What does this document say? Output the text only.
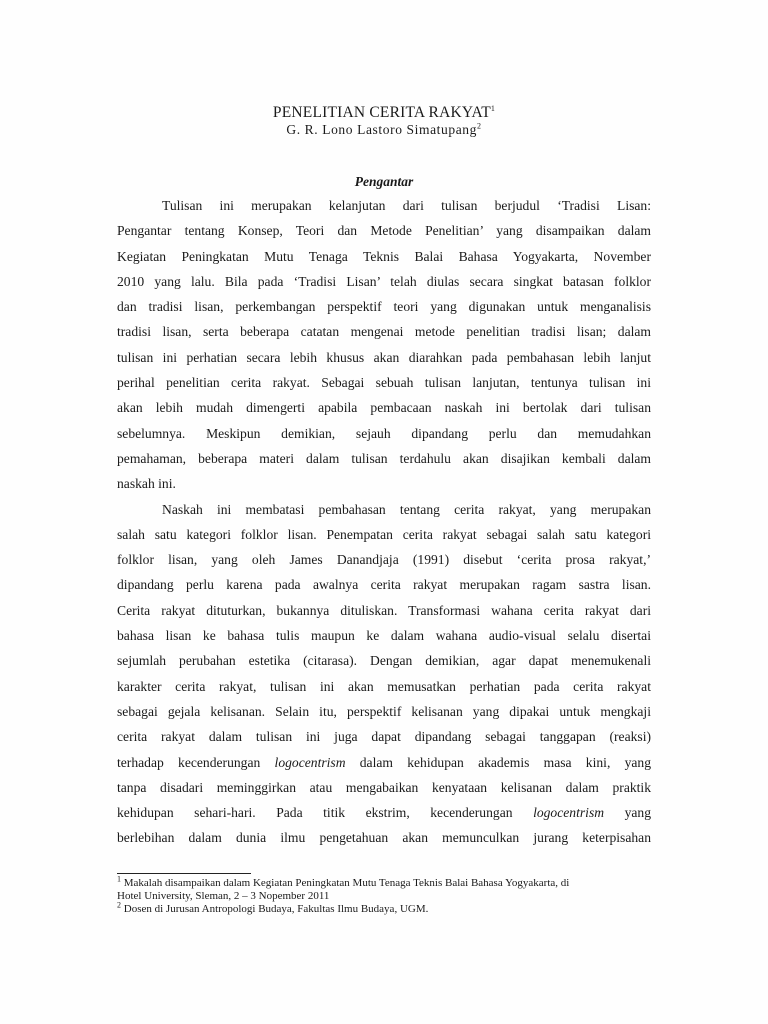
PENELITIAN CERITA RAKYAT$^1$
G. R. Lono Lastoro Simatupang$^2$
Pengantar
Tulisan ini merupakan kelanjutan dari tulisan berjudul ‘Tradisi Lisan:
Pengantar tentang Konsep, Teori dan Metode Penelitian’ yang disampaikan dalam
Kegiatan Peningkatan Mutu Tenaga Teknis Balai Bahasa Yogyakarta, November
2010 yang lalu. Bila pada ‘Tradisi Lisan’ telah diulas secara singkat batasan folklor
dan tradisi lisan, perkembangan perspektif teori yang digunakan untuk menganalisis
tradisi lisan, serta beberapa catatan mengenai metode penelitian tradisi lisan; dalam
tulisan ini perhatian secara lebih khusus akan diarahkan pada pembahasan lebih lanjut
perihal penelitian cerita rakyat. Sebagai sebuah tulisan lanjutan, tentunya tulisan ini
akan lebih mudah dimengerti apabila pembacaan naskah ini bertolak dari tulisan
sebelumnya. Meskipun demikian, sejauh dipandang perlu dan memudahkan
pemahaman, beberapa materi dalam tulisan terdahulu akan disajikan kembali dalam
naskah ini.
Naskah ini membatasi pembahasan tentang cerita rakyat, yang merupakan
salah satu kategori folklor lisan. Penempatan cerita rakyat sebagai salah satu kategori
folklor lisan, yang oleh James Danandjaja (1991) disebut ‘cerita prosa rakyat,’
dipandang perlu karena pada awalnya cerita rakyat merupakan ragam sastra lisan.
Cerita rakyat dituturkan, bukannya dituliskan. Transformasi wahana cerita rakyat dari
bahasa lisan ke bahasa tulis maupun ke dalam wahana audio-visual selalu disertai
sejumlah perubahan estetika (citarasa). Dengan demikian, agar dapat menemukenali
karakter cerita rakyat, tulisan ini akan memusatkan perhatian pada cerita rakyat
sebagai gejala kelisanan. Selain itu, perspektif kelisanan yang dipakai untuk mengkaji
cerita rakyat dalam tulisan ini juga dapat dipandang sebagai tanggapan (reaksi)
terhadap kecenderungan logocentrism dalam kehidupan akademis masa kini, yang
tanpa disadari meminggirkan atau mengabaikan kenyataan kelisanan dalam praktik
kehidupan sehari-hari. Pada titik ekstrim, kecenderungan logocentrism yang
berlebihan dalam dunia ilmu pengetahuan akan memunculkan jurang keterpisahan
$^1$ Makalah disampaikan dalam Kegiatan Peningkatan Mutu Tenaga Teknis Balai Bahasa Yogyakarta, di
Hotel University, Sleman, 2 – 3 Nopember 2011
$^2$ Dosen di Jurusan Antropologi Budaya, Fakultas Ilmu Budaya, UGM.
